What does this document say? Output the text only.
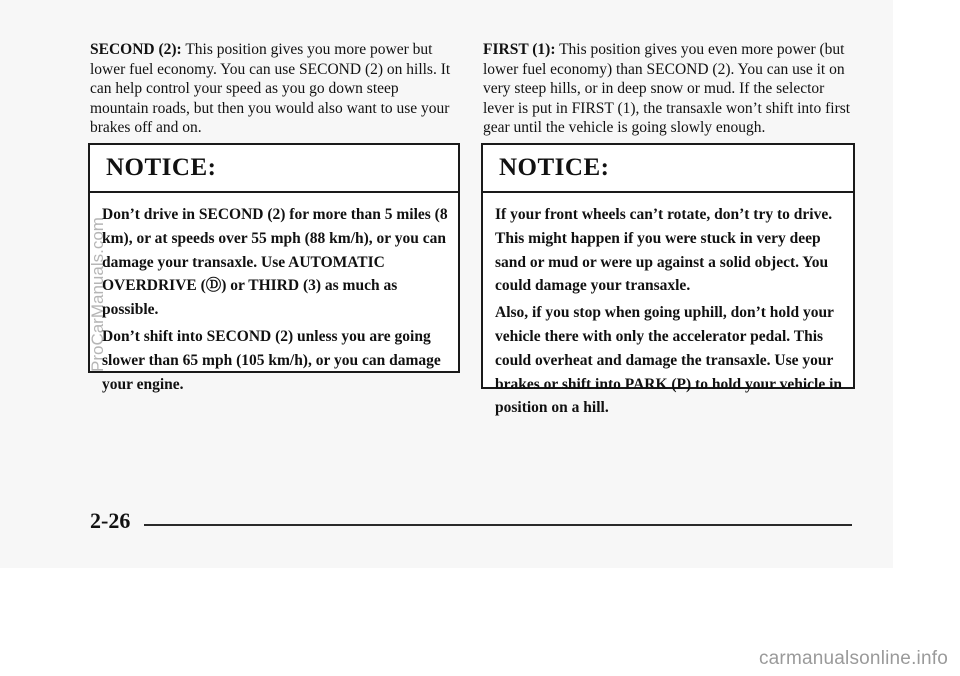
SECOND (2): This position gives you more power but lower fuel economy. You can use SECOND (2) on hills. It can help control your speed as you go down steep mountain roads, but then you would also want to use your brakes off and on.

FIRST (1): This position gives you even more power (but lower fuel economy) than SECOND (2). You can use it on very steep hills, or in deep snow or mud. If the selector lever is put in FIRST (1), the transaxle won’t shift into first gear until the vehicle is going slowly enough.

NOTICE:

Don’t drive in SECOND (2) for more than 5 miles (8 km), or at speeds over 55 mph (88 km/h), or you can damage your transaxle. Use AUTOMATIC OVERDRIVE (Ⓓ) or THIRD (3) as much as possible.

Don’t shift into SECOND (2) unless you are going slower than 65 mph (105 km/h), or you can damage your engine.

NOTICE:

If your front wheels can’t rotate, don’t try to drive. This might happen if you were stuck in very deep sand or mud or were up against a solid object. You could damage your transaxle.

Also, if you stop when going uphill, don’t hold your vehicle there with only the accelerator pedal. This could overheat and damage the transaxle. Use your brakes or shift into PARK (P) to hold your vehicle in position on a hill.

2-26
ProCarManuals.com
carmanualsonline.info
